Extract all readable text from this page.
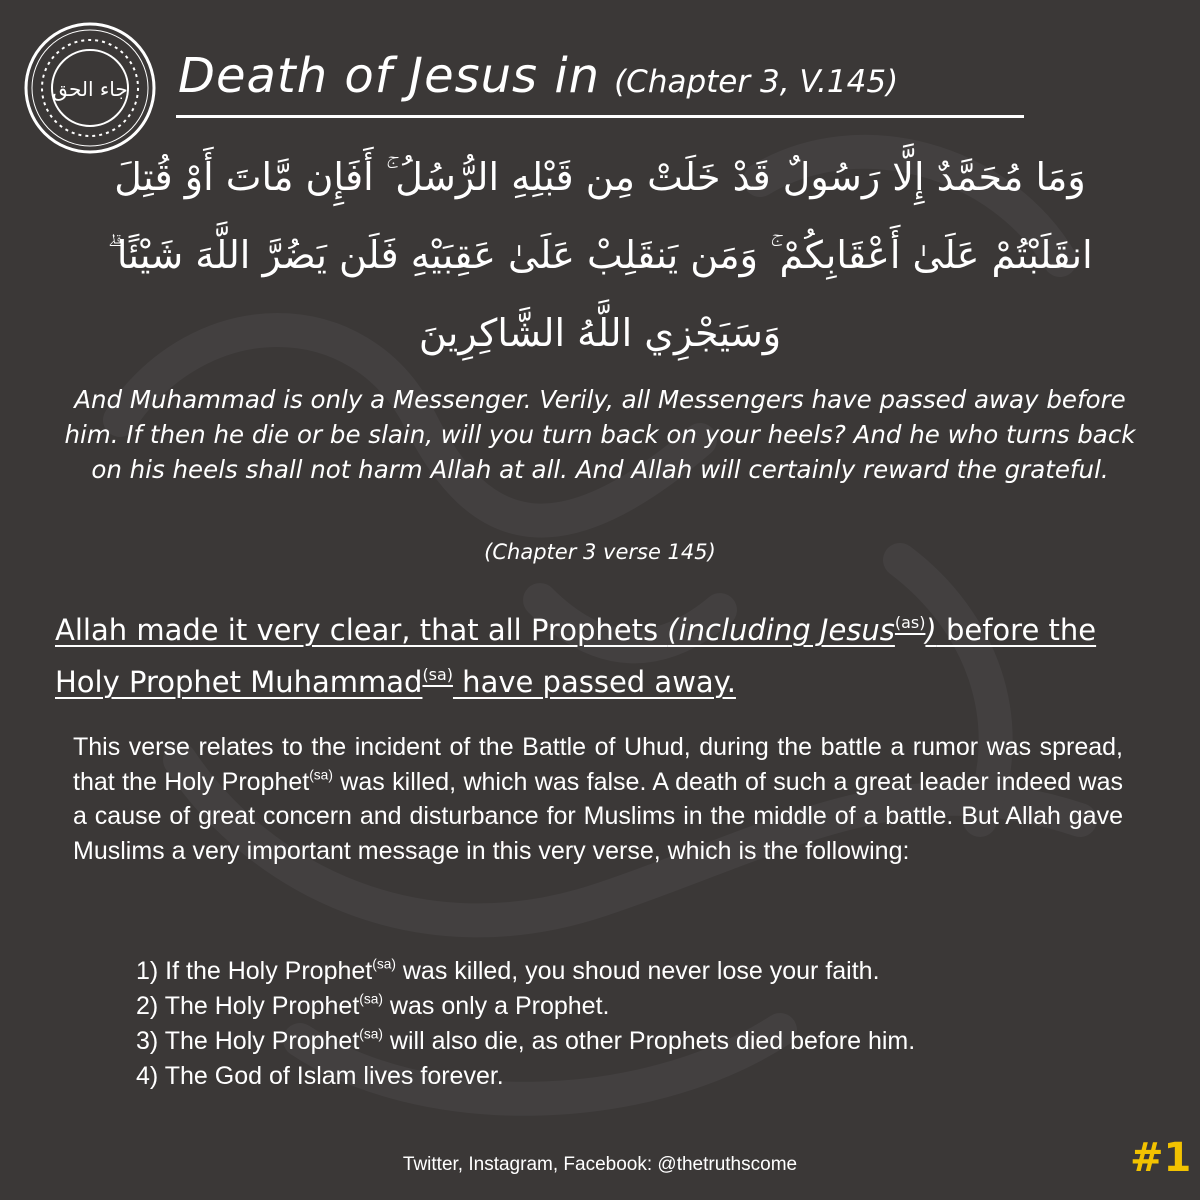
جاء الحق Death of Jesus in (Chapter 3, V.145)
وَمَا مُحَمَّدٌ إِلَّا رَسُولٌ قَدْ خَلَتْ مِن قَبْلِهِ الرُّسُلُ ۚ أَفَإِن مَّاتَ أَوْ قُتِلَ
انقَلَبْتُمْ عَلَىٰ أَعْقَابِكُمْ ۚ وَمَن يَنقَلِبْ عَلَىٰ عَقِبَيْهِ فَلَن يَضُرَّ اللَّهَ شَيْئًا ۗ
وَسَيَجْزِي اللَّهُ الشَّاكِرِينَ
And Muhammad is only a Messenger. Verily, all Messengers have passed away before him. If then he die or be slain, will you turn back on your heels? And he who turns back on his heels shall not harm Allah at all. And Allah will certainly reward the grateful.
(Chapter 3 verse 145)
Allah made it very clear, that all Prophets (including Jesus$^{(as)}$) before the
Holy Prophet Muhammad$^{(sa)}$ have passed away.
This verse relates to the incident of the Battle of Uhud, during the battle a rumor was spread, that the Holy Prophet$^{(sa)}$ was killed, which was false. A death of such a great leader indeed was a cause of great concern and disturbance for Muslims in the middle of a battle. But Allah gave Muslims a very important message in this very verse, which is the following:
1) If the Holy Prophet$^{(sa)}$ was killed, you shoud never lose your faith.
2) The Holy Prophet$^{(sa)}$ was only a Prophet.
3) The Holy Prophet$^{(sa)}$ will also die, as other Prophets died before him.
4) The God of Islam lives forever.
Twitter, Instagram, Facebook: @thetruthscome	#1
